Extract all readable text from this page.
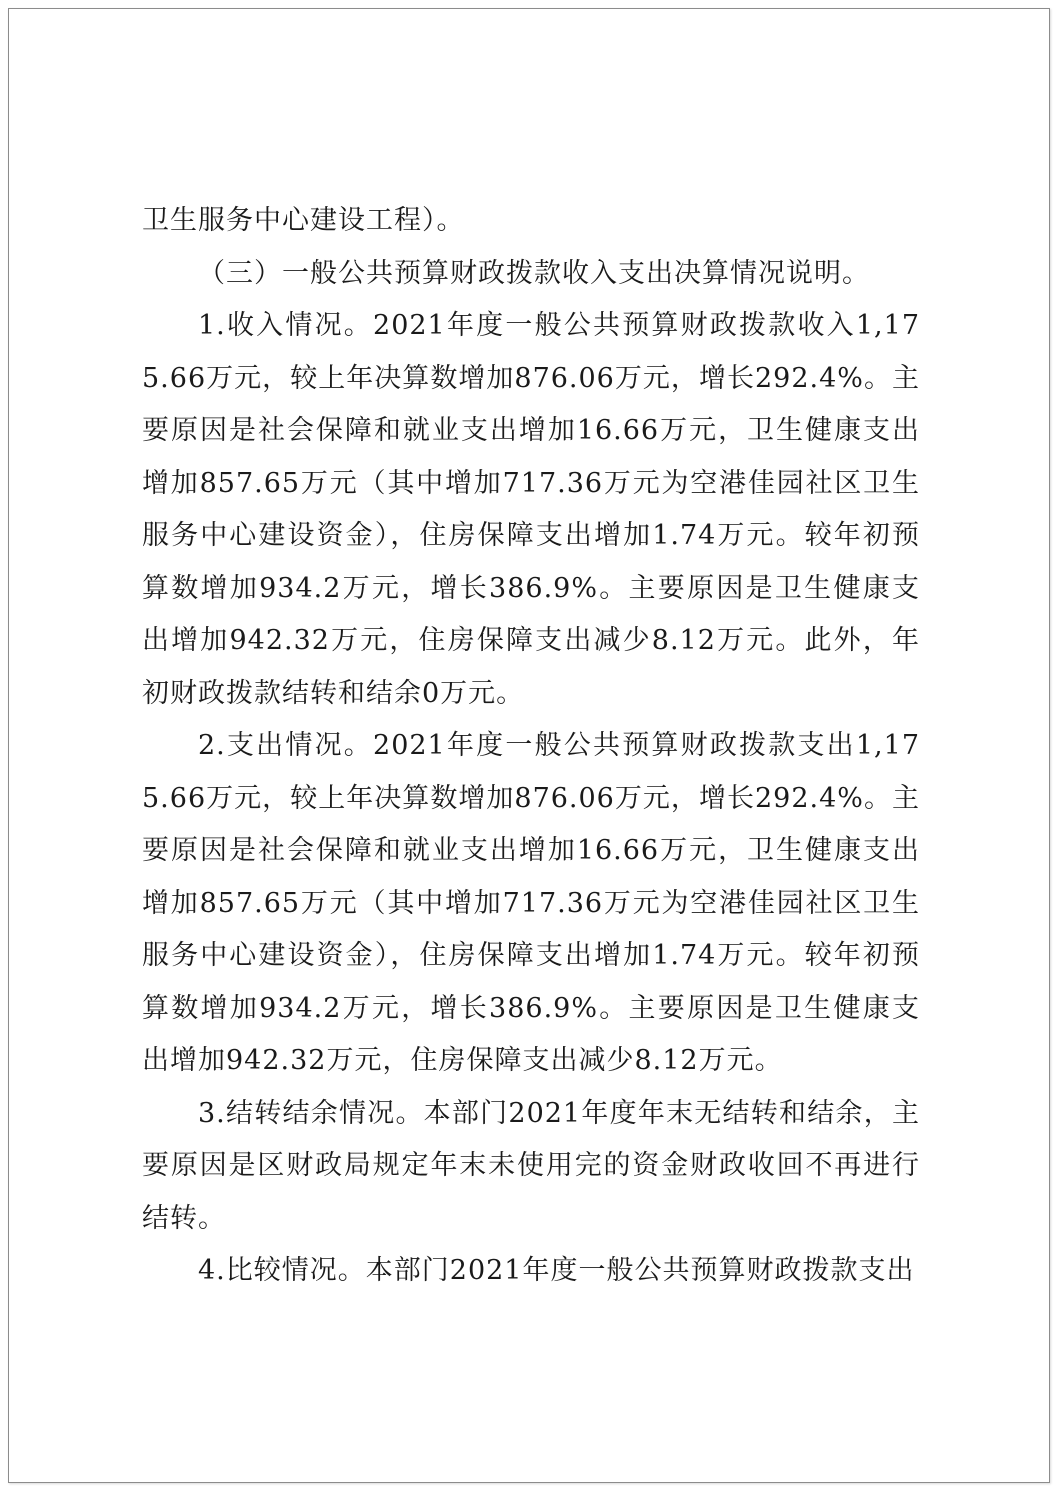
卫生服务中心建设工程）。

（三）一般公共预算财政拨款收入支出决算情况说明。

1.收入情况。2021年度一般公共预算财政拨款收入1,175.66万元，较上年决算数增加876.06万元，增长292.4%。主要原因是社会保障和就业支出增加16.66万元，卫生健康支出增加857.65万元（其中增加717.36万元为空港佳园社区卫生服务中心建设资金），住房保障支出增加1.74万元。较年初预算数增加934.2万元，增长386.9%。主要原因是卫生健康支出增加942.32万元，住房保障支出减少8.12万元。此外，年初财政拨款结转和结余0万元。

2.支出情况。2021年度一般公共预算财政拨款支出1,175.66万元，较上年决算数增加876.06万元，增长292.4%。主要原因是社会保障和就业支出增加16.66万元，卫生健康支出增加857.65万元（其中增加717.36万元为空港佳园社区卫生服务中心建设资金），住房保障支出增加1.74万元。较年初预算数增加934.2万元，增长386.9%。主要原因是卫生健康支出增加942.32万元，住房保障支出减少8.12万元。

3.结转结余情况。本部门2021年度年末无结转和结余，主要原因是区财政局规定年末未使用完的资金财政收回不再进行结转。

4.比较情况。本部门2021年度一般公共预算财政拨款支出
